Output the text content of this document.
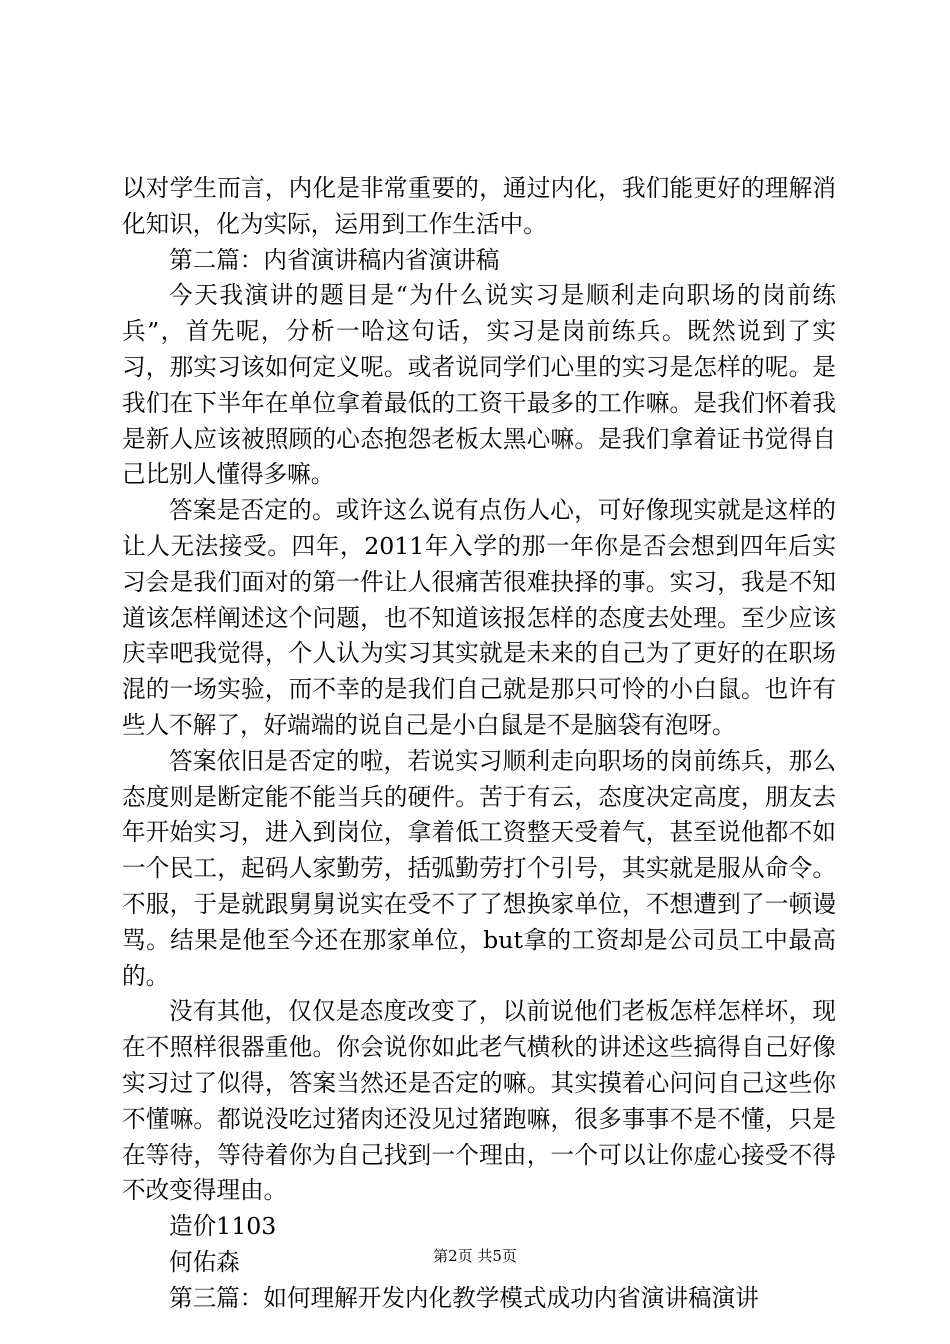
以对学生而言，内化是非常重要的，通过内化，我们能更好的理解消化知识，化为实际，运用到工作生活中。

第二篇：内省演讲稿内省演讲稿

今天我演讲的题目是“为什么说实习是顺利走向职场的岗前练兵”，首先呢，分析一哈这句话，实习是岗前练兵。既然说到了实习，那实习该如何定义呢。或者说同学们心里的实习是怎样的呢。是我们在下半年在单位拿着最低的工资干最多的工作嘛。是我们怀着我是新人应该被照顾的心态抱怨老板太黑心嘛。是我们拿着证书觉得自己比别人懂得多嘛。

答案是否定的。或许这么说有点伤人心，可好像现实就是这样的让人无法接受。四年，2011年入学的那一年你是否会想到四年后实习会是我们面对的第一件让人很痛苦很难抉择的事。实习，我是不知道该怎样阐述这个问题，也不知道该报怎样的态度去处理。至少应该庆幸吧我觉得，个人认为实习其实就是未来的自己为了更好的在职场混的一场实验，而不幸的是我们自己就是那只可怜的小白鼠。也许有些人不解了，好端端的说自己是小白鼠是不是脑袋有泡呀。

答案依旧是否定的啦，若说实习顺利走向职场的岗前练兵，那么态度则是断定能不能当兵的硬件。苦于有云，态度决定高度，朋友去年开始实习，进入到岗位，拿着低工资整天受着气，甚至说他都不如一个民工，起码人家勤劳，括弧勤劳打个引号，其实就是服从命令。不服，于是就跟舅舅说实在受不了了想换家单位，不想遭到了一顿谩骂。结果是他至今还在那家单位，but拿的工资却是公司员工中最高的。

没有其他，仅仅是态度改变了，以前说他们老板怎样怎样坏，现在不照样很器重他。你会说你如此老气横秋的讲述这些搞得自己好像实习过了似得，答案当然还是否定的嘛。其实摸着心问问自己这些你不懂嘛。都说没吃过猪肉还没见过猪跑嘛，很多事事不是不懂，只是在等待，等待着你为自己找到一个理由，一个可以让你虚心接受不得不改变得理由。

造价1103

何佑森

第三篇：如何理解开发内化教学模式成功内省演讲稿演讲

第2页 共5页
